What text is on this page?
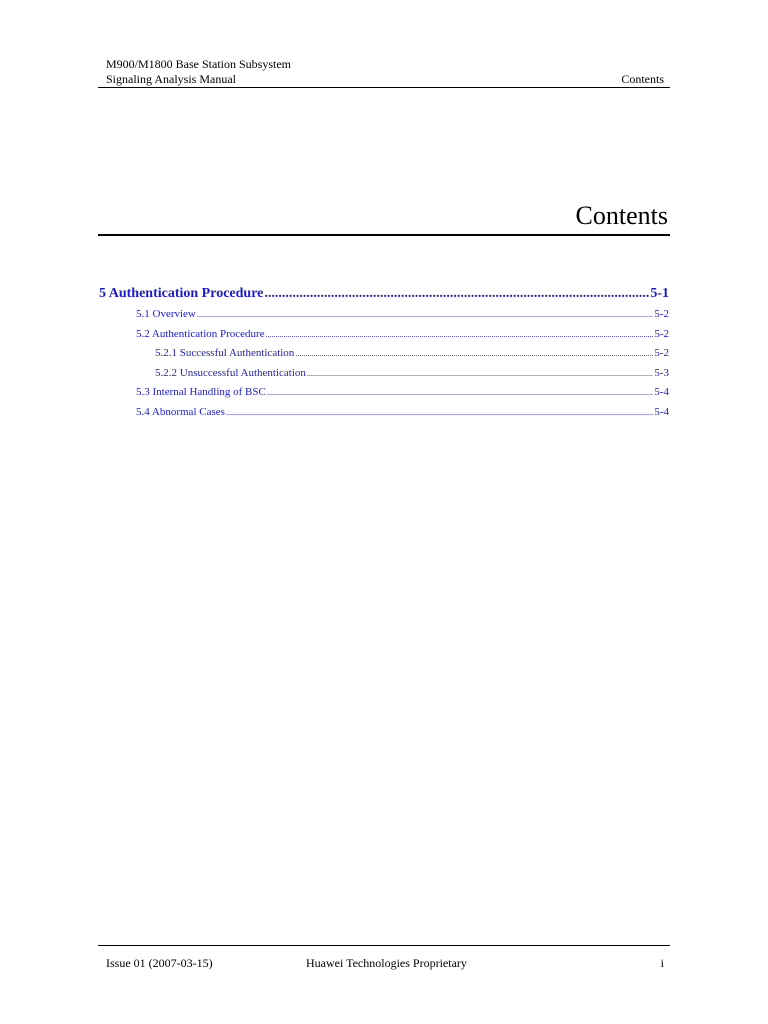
M900/M1800 Base Station Subsystem
Signaling Analysis Manual	Contents
Contents
5 Authentication Procedure .....	5-1
5.1 Overview .....	5-2
5.2 Authentication Procedure .....	5-2
5.2.1 Successful Authentication .....	5-2
5.2.2 Unsuccessful Authentication .....	5-3
5.3 Internal Handling of BSC .....	5-4
5.4 Abnormal Cases .....	5-4
Issue 01 (2007-03-15)	Huawei Technologies Proprietary	i
